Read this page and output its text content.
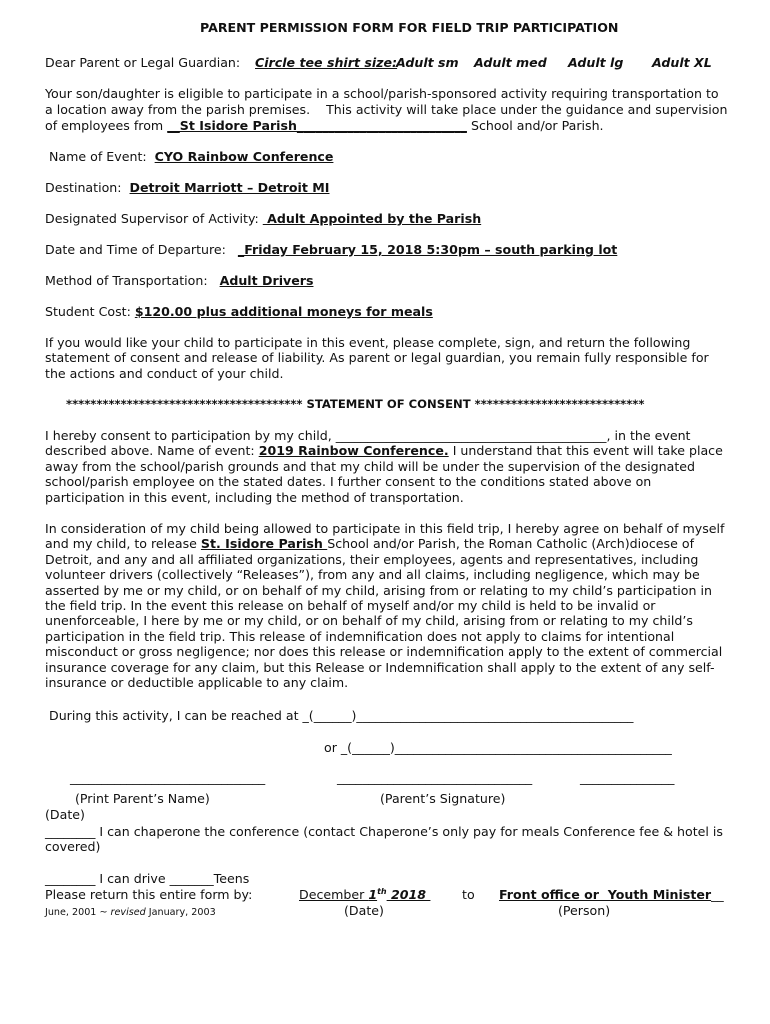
PARENT PERMISSION FORM FOR FIELD TRIP PARTICIPATION
Dear Parent or Legal Guardian: Circle tee shirt size:
Adult sm Adult med Adult lg Adult XL
Your son/daughter is eligible to participate in a school/parish-sponsored activity requiring transportation to
a location away from the parish premises.    This activity will take place under the guidance and supervision
of employees from __St Isidore Parish___________________________ School and/or Parish.
Name of Event:  CYO Rainbow Conference
Destination:  Detroit Marriott – Detroit MI
Designated Supervisor of Activity:  Adult Appointed by the Parish
Date and Time of Departure:   _Friday February 15, 2018 5:30pm – south parking lot
Method of Transportation:   Adult Drivers
Student Cost: $120.00 plus additional moneys for meals
If you would like your child to participate in this event, please complete, sign, and return the following statement of consent and release of liability. As parent or legal guardian, you remain fully responsible for the actions and conduct of your child.
*************************************** STATEMENT OF CONSENT ****************************
I hereby consent to participation by my child, ___________________________________________, in the event described above. Name of event: 2019 Rainbow Conference. I understand that this event will take place away from the school/parish grounds and that my child will be under the supervision of the designated school/parish employee on the stated dates. I further consent to the conditions stated above on participation in this event, including the method of transportation.
In consideration of my child being allowed to participate in this field trip, I hereby agree on behalf of myself and my child, to release St. Isidore Parish School and/or Parish, the Roman Catholic (Arch)diocese of Detroit, and any and all affiliated organizations, their employees, agents and representatives, including volunteer drivers (collectively “Releases”), from any and all claims, including negligence, which may be asserted by me or my child, or on behalf of my child, arising from or relating to my child’s participation in the field trip. In the event this release on behalf of myself and/or my child is held to be invalid or unenforceable, I here by me or my child, or on behalf of my child, arising from or relating to my child’s participation in the field trip. This release of indemnification does not apply to claims for intentional misconduct or gross negligence; nor does this release or indemnification apply to the extent of commercial insurance coverage for any claim, but this Release or Indemnification shall apply to the extent of any self-insurance or deductible applicable to any claim.
During this activity, I can be reached at _(______)____________________________________________
or _(______)____________________________________________
_______________________________	_______________________________	_______________
(Print Parent’s Name)	(Parent’s Signature)
(Date)
________ I can chaperone the conference (contact Chaperone’s only pay for meals Conference fee & hotel is covered)
________ I can drive _______Teens
Please return this entire form by:	December 1th 2018	to Front office or  Youth Minister__
June, 2001 ~ revised January, 2003	(Date)	(Person)
